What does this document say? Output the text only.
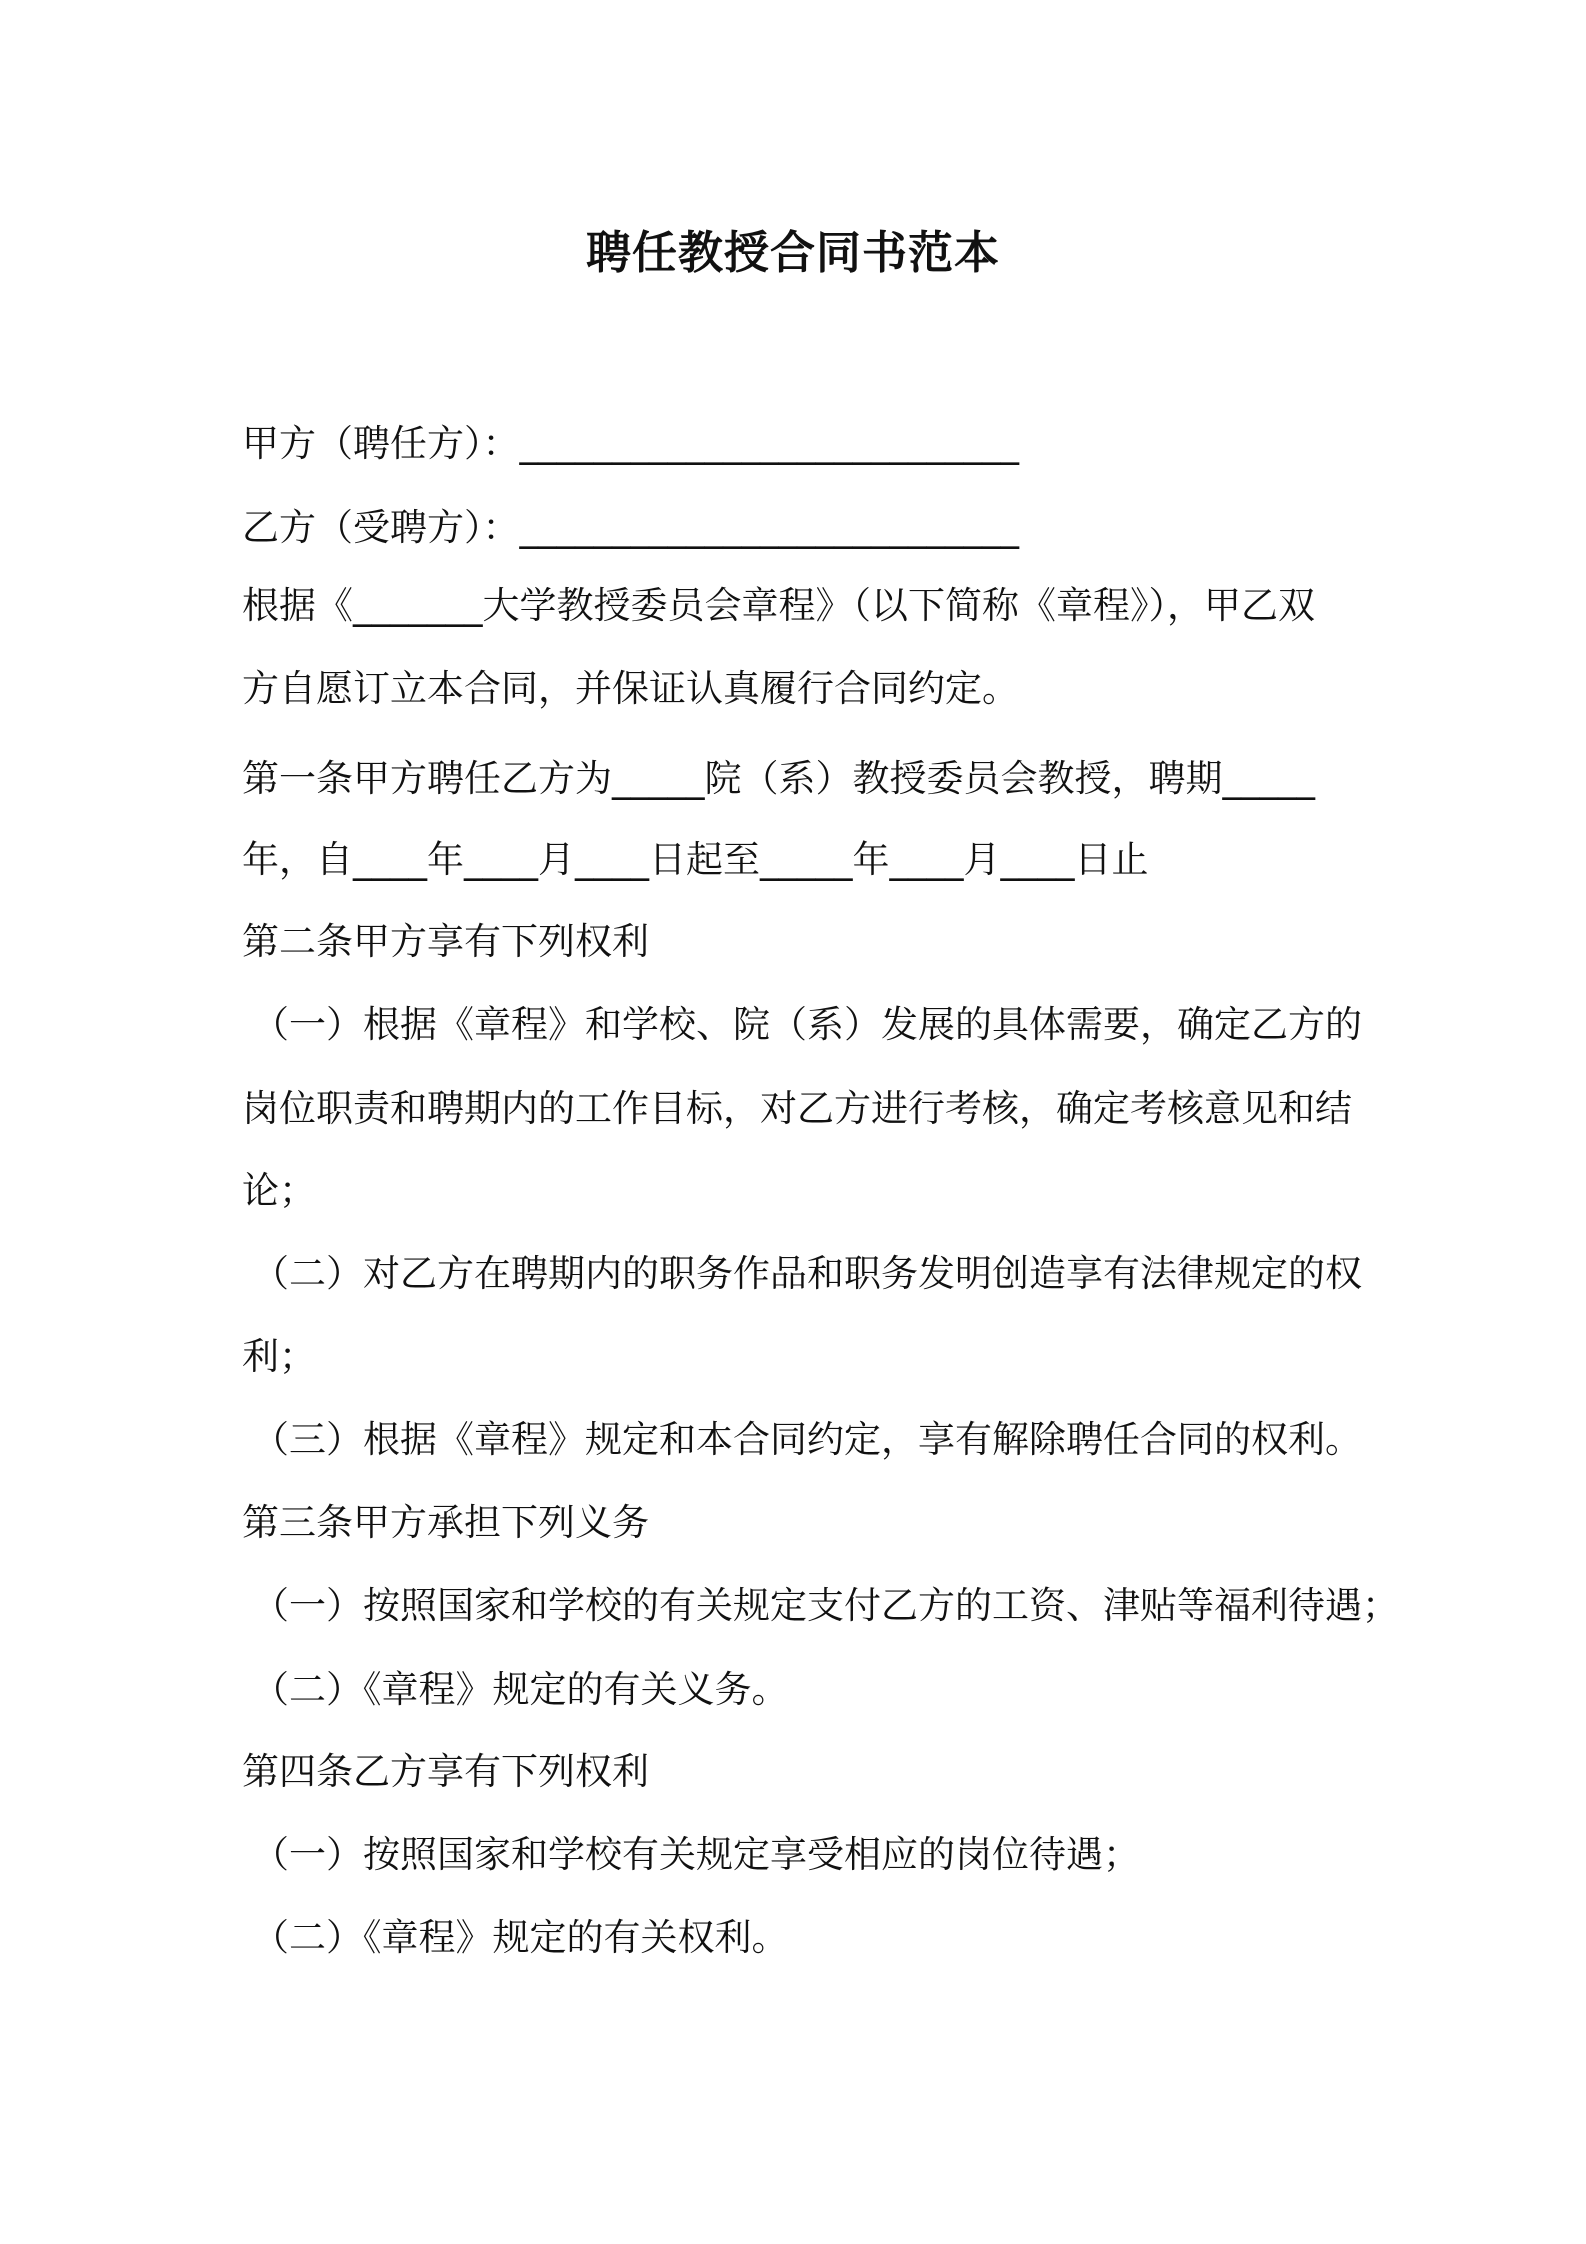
聘任教授合同书范本
甲方（聘任方）：___________________________
乙方（受聘方）：___________________________
根据《_______大学教授委员会章程》（以下简称《章程》），甲乙双
方自愿订立本合同，并保证认真履行合同约定。
第一条甲方聘任乙方为_____院（系）教授委员会教授，聘期_____
年，自____年____月____日起至_____年____月____日止
第二条甲方享有下列权利
（一）根据《章程》和学校、院（系）发展的具体需要，确定乙方的
岗位职责和聘期内的工作目标，对乙方进行考核，确定考核意见和结
论；
（二）对乙方在聘期内的职务作品和职务发明创造享有法律规定的权
利；
（三）根据《章程》规定和本合同约定，享有解除聘任合同的权利。
第三条甲方承担下列义务
（一）按照国家和学校的有关规定支付乙方的工资、津贴等福利待遇；
（二）《章程》规定的有关义务。
第四条乙方享有下列权利
（一）按照国家和学校有关规定享受相应的岗位待遇；
（二）《章程》规定的有关权利。
